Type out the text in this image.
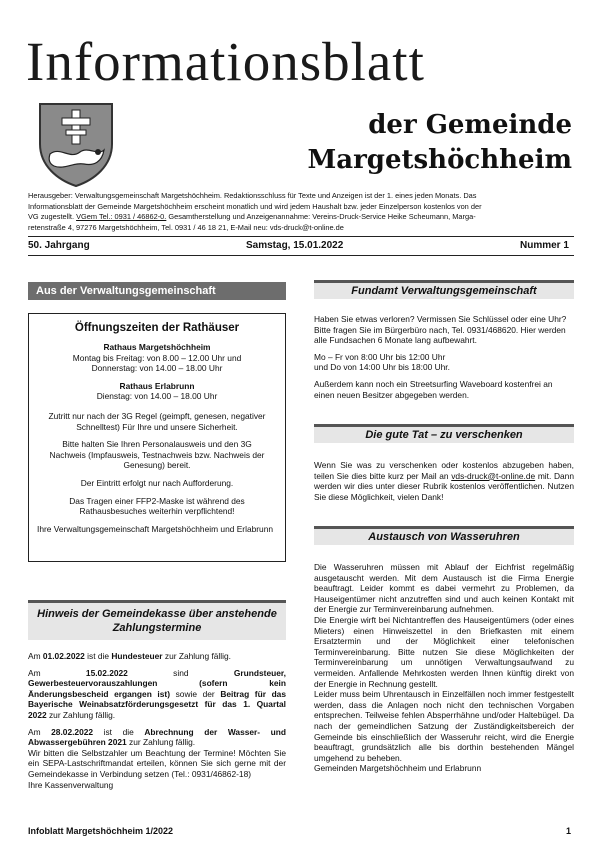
Informationsblatt
der Gemeinde
Margetshöchheim
Herausgeber: Verwaltungsgemeinschaft Margetshöchheim. Redaktionsschluss für Texte und Anzeigen ist der 1. eines jeden Monats. Das
Informationsblatt der Gemeinde Margetshöchheim erscheint monatlich und wird jedem Haushalt bzw. jeder Einzelperson kostenlos von der
VG zugestellt. VGem Tel.: 0931 / 46862-0. Gesamtherstellung und Anzeigenannahme: Vereins-Druck-Service Heike Scheumann, Marga-
retenstraße 4, 97276 Margetshöchheim, Tel. 0931 / 46 18 21, E-Mail neu: vds-druck@t-online.de
50. Jahrgang	Samstag, 15.01.2022	Nummer 1
Aus der Verwaltungsgemeinschaft
Öffnungszeiten der Rathäuser

Rathaus Margetshöchheim

Montag bis Freitag: von 8.00 – 12.00 Uhr und

Donnerstag: von 14.00 – 18.00 Uhr

Rathaus Erlabrunn

Dienstag: von 14.00 – 18.00 Uhr

Zutritt nur nach der 3G Regel (geimpft, genesen, negativer Schnelltest) Für Ihre und unsere Sicherheit.

Bitte halten Sie Ihren Personalausweis und den 3G Nachweis (Impfausweis, Testnachweis bzw. Nachweis der Genesung) bereit.

Der Eintritt erfolgt nur nach Aufforderung.

Das Tragen einer FFP2-Maske ist während des Rathausbesuches weiterhin verpflichtend!

Ihre Verwaltungsgemeinschaft Margetshöchheim und Erlabrunn

Hinweis der Gemeindekasse über anstehende Zahlungstermine

Am 01.02.2022 ist die Hundesteuer zur Zahlung fällig.

Am 15.02.2022 sind Grundsteuer, Gewerbesteuervorauszahlungen (sofern kein Änderungsbescheid ergangen ist) sowie der Beitrag für das Bayerische Weinabsatzförderungsgesetzt für das 1. Quartal 2022 zur Zahlung fällig.

Am 28.02.2022 ist die Abrechnung der Wasser- und Abwassergebühren 2021 zur Zahlung fällig.

Wir bitten die Selbstzahler um Beachtung der Termine! Möchten Sie ein SEPA-Lastschriftmandat erteilen, können Sie sich gerne mit der Gemeindekasse in Verbindung setzen (Tel.: 0931/46862-18)

Ihre Kassenverwaltung

Fundamt Verwaltungsgemeinschaft

Haben Sie etwas verloren? Vermissen Sie Schlüssel oder eine Uhr?

Bitte fragen Sie im Bürgerbüro nach, Tel. 0931/468620. Hier werden alle Fundsachen 6 Monate lang aufbewahrt.

Mo – Fr von 8:00 Uhr bis 12:00 Uhr

und Do von 14:00 Uhr bis 18:00 Uhr.

Außerdem kann noch ein Streetsurfing Waveboard kostenfrei an einen neuen Besitzer abgegeben werden.

Die gute Tat – zu verschenken

Wenn Sie was zu verschenken oder kostenlos abzugeben haben, teilen Sie dies bitte kurz per Mail an vds-druck@t-online.de mit. Dann werden wir dies unter dieser Rubrik kostenlos veröffentlichen. Nutzen Sie diese Möglichkeit, vielen Dank!

Austausch von Wasseruhren

Die Wasseruhren müssen mit Ablauf der Eichfrist regelmäßig ausgetauscht werden. Mit dem Austausch ist die Firma Energie beauftragt. Leider kommt es dabei vermehrt zu Problemen, da Hauseigentümer nicht anzutreffen sind und auch keinen Kontakt mit der Energie zur Terminvereinbarung aufnehmen.

Die Energie wirft bei Nichtantreffen des Hauseigentümers (oder eines Mieters) einen Hinweiszettel in den Briefkasten mit einem Ersatztermin und der Möglichkeit einer telefonischen Terminvereinbarung. Bitte nutzen Sie diese Möglichkeiten der Terminvereinbarung um unnötigen Verwaltungsaufwand zu vermeiden. Anfallende Mehrkosten werden Ihnen künftig direkt von der Energie in Rechnung gestellt.

Leider muss beim Uhrentausch in Einzelfällen noch immer festgestellt werden, dass die Anlagen noch nicht den technischen Vorgaben entsprechen. Teilweise fehlen Absperrhähne und/oder Haltebügel. Da nach der gemeindlichen Satzung der Zuständigkeitsbereich der Gemeinde bis einschließlich der Wasseruhr reicht, wird die Energie beauftragt, grundsätzlich alle bis dorthin bestehenden Mängel umgehend zu beheben.

Gemeinden Margetshöchheim und Erlabrunn

Infoblatt Margetshöchheim 1/2022	1
